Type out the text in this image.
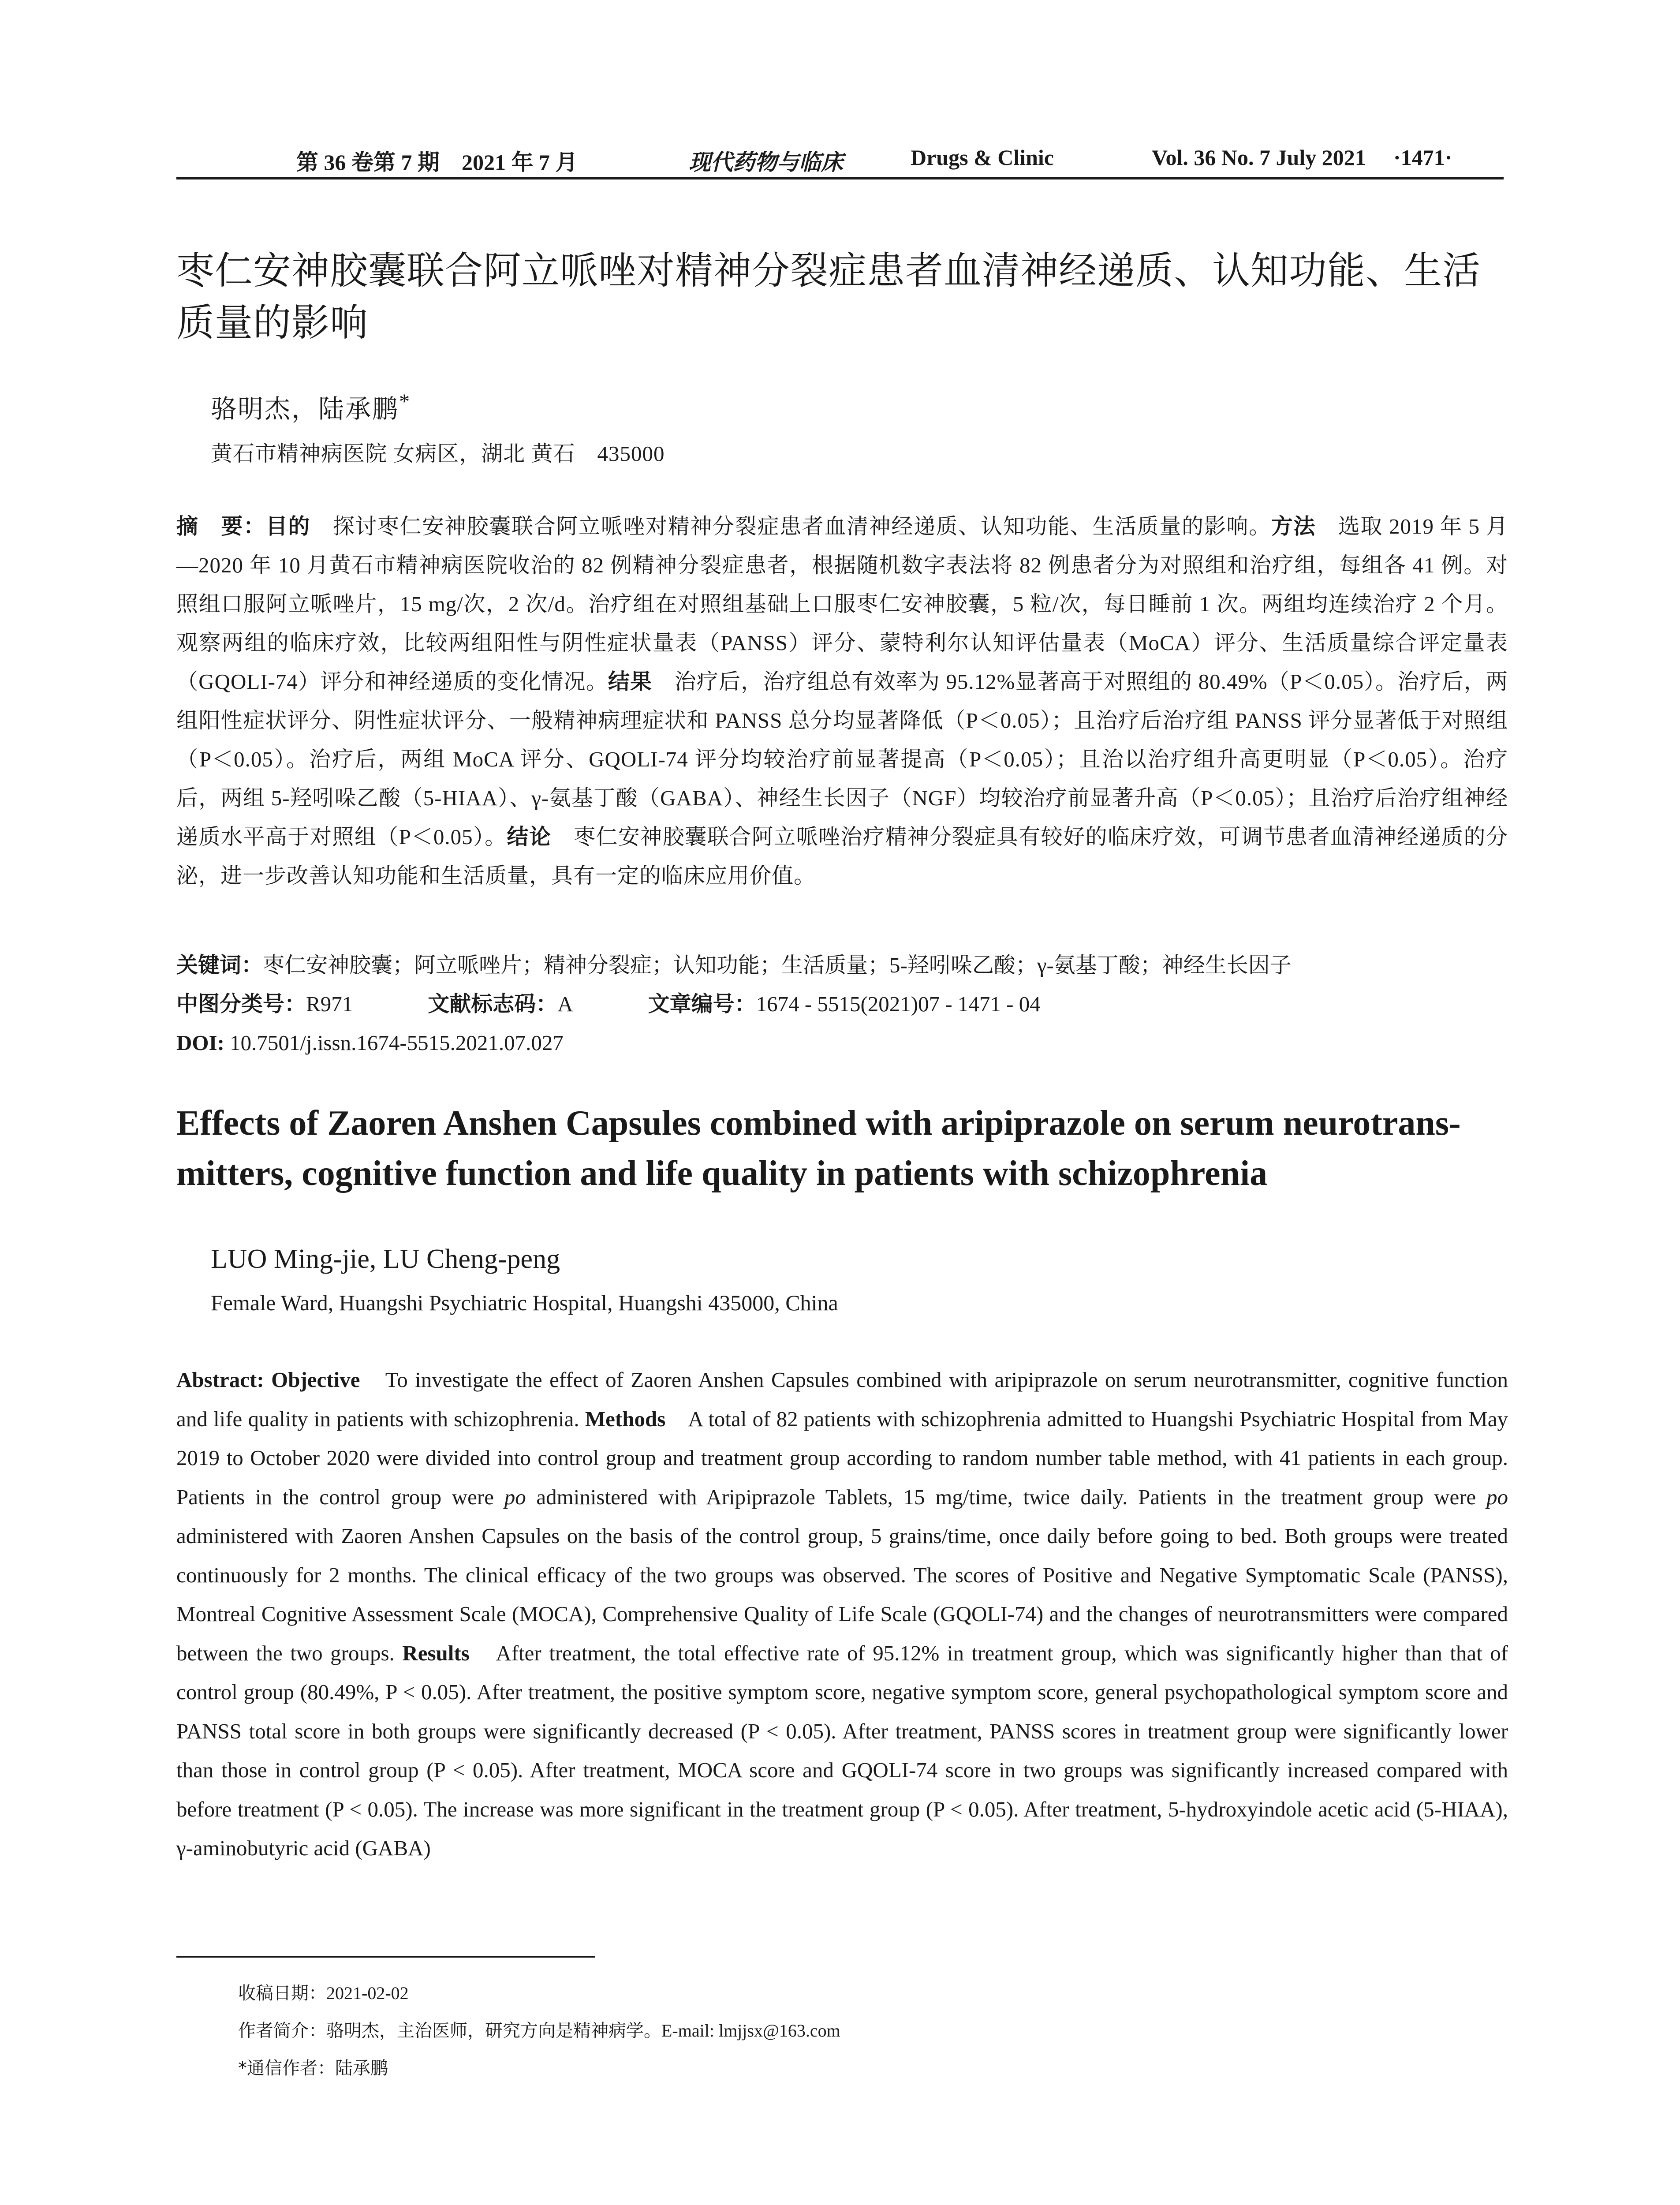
第 36 卷第 7 期　2021 年 7 月	现代药物与临床	Drugs & Clinic	Vol. 36 No. 7 July 2021 ·1471·
枣仁安神胶囊联合阿立哌唑对精神分裂症患者血清神经递质、认知功能、生活质量的影响
骆明杰，陆承鹏*
黄石市精神病医院 女病区，湖北 黄石　435000

摘　要：目的　探讨枣仁安神胶囊联合阿立哌唑对精神分裂症患者血清神经递质、认知功能、生活质量的影响。方法　选取 2019 年 5 月—2020 年 10 月黄石市精神病医院收治的 82 例精神分裂症患者，根据随机数字表法将 82 例患者分为对照组和治疗组，每组各 41 例。对照组口服阿立哌唑片，15 mg/次，2 次/d。治疗组在对照组基础上口服枣仁安神胶囊，5 粒/次，每日睡前 1 次。两组均连续治疗 2 个月。观察两组的临床疗效，比较两组阳性与阴性症状量表（PANSS）评分、蒙特利尔认知评估量表（MoCA）评分、生活质量综合评定量表（GQOLI-74）评分和神经递质的变化情况。结果　治疗后，治疗组总有效率为 95.12%显著高于对照组的 80.49%（P＜0.05）。治疗后，两组阳性症状评分、阴性症状评分、一般精神病理症状和 PANSS 总分均显著降低（P＜0.05）；且治疗后治疗组 PANSS 评分显著低于对照组（P＜0.05）。治疗后，两组 MoCA 评分、GQOLI-74 评分均较治疗前显著提高（P＜0.05）；且治以治疗组升高更明显（P＜0.05）。治疗后，两组 5-羟吲哚乙酸（5-HIAA）、γ-氨基丁酸（GABA）、神经生长因子（NGF）均较治疗前显著升高（P＜0.05）；且治疗后治疗组神经递质水平高于对照组（P＜0.05）。结论　枣仁安神胶囊联合阿立哌唑治疗精神分裂症具有较好的临床疗效，可调节患者血清神经递质的分泌，进一步改善认知功能和生活质量，具有一定的临床应用价值。

关键词：枣仁安神胶囊；阿立哌唑片；精神分裂症；认知功能；生活质量；5-羟吲哚乙酸；γ-氨基丁酸；神经生长因子
中图分类号：R971	文献标志码：A	文章编号：1674 - 5515(2021)07 - 1471 - 04
DOI: 10.7501/j.issn.1674-5515.2021.07.027
Effects of Zaoren Anshen Capsules combined with aripiprazole on serum neurotrans-mitters, cognitive function and life quality in patients with schizophrenia
LUO Ming-jie, LU Cheng-peng
Female Ward, Huangshi Psychiatric Hospital, Huangshi 435000, China

Abstract: Objective　To investigate the effect of Zaoren Anshen Capsules combined with aripiprazole on serum neurotransmitter, cognitive function and life quality in patients with schizophrenia. Methods　A total of 82 patients with schizophrenia admitted to Huangshi Psychiatric Hospital from May 2019 to October 2020 were divided into control group and treatment group according to random number table method, with 41 patients in each group. Patients in the control group were po administered with Aripiprazole Tablets, 15 mg/time, twice daily. Patients in the treatment group were po administered with Zaoren Anshen Capsules on the basis of the control group, 5 grains/time, once daily before going to bed. Both groups were treated continuously for 2 months. The clinical efficacy of the two groups was observed. The scores of Positive and Negative Symptomatic Scale (PANSS), Montreal Cognitive Assessment Scale (MOCA), Comprehensive Quality of Life Scale (GQOLI-74) and the changes of neurotransmitters were compared between the two groups. Results　After treatment, the total effective rate of 95.12% in treatment group, which was significantly higher than that of control group (80.49%, P < 0.05). After treatment, the positive symptom score, negative symptom score, general psychopathological symptom score and PANSS total score in both groups were significantly decreased (P < 0.05). After treatment, PANSS scores in treatment group were significantly lower than those in control group (P < 0.05). After treatment, MOCA score and GQOLI-74 score in two groups was significantly increased compared with before treatment (P < 0.05). The increase was more significant in the treatment group (P < 0.05). After treatment, 5-hydroxyindole acetic acid (5-HIAA), γ-aminobutyric acid (GABA)

收稿日期：2021-02-02
作者简介：骆明杰，主治医师，研究方向是精神病学。E-mail: lmjjsx@163.com
*通信作者：陆承鹏
